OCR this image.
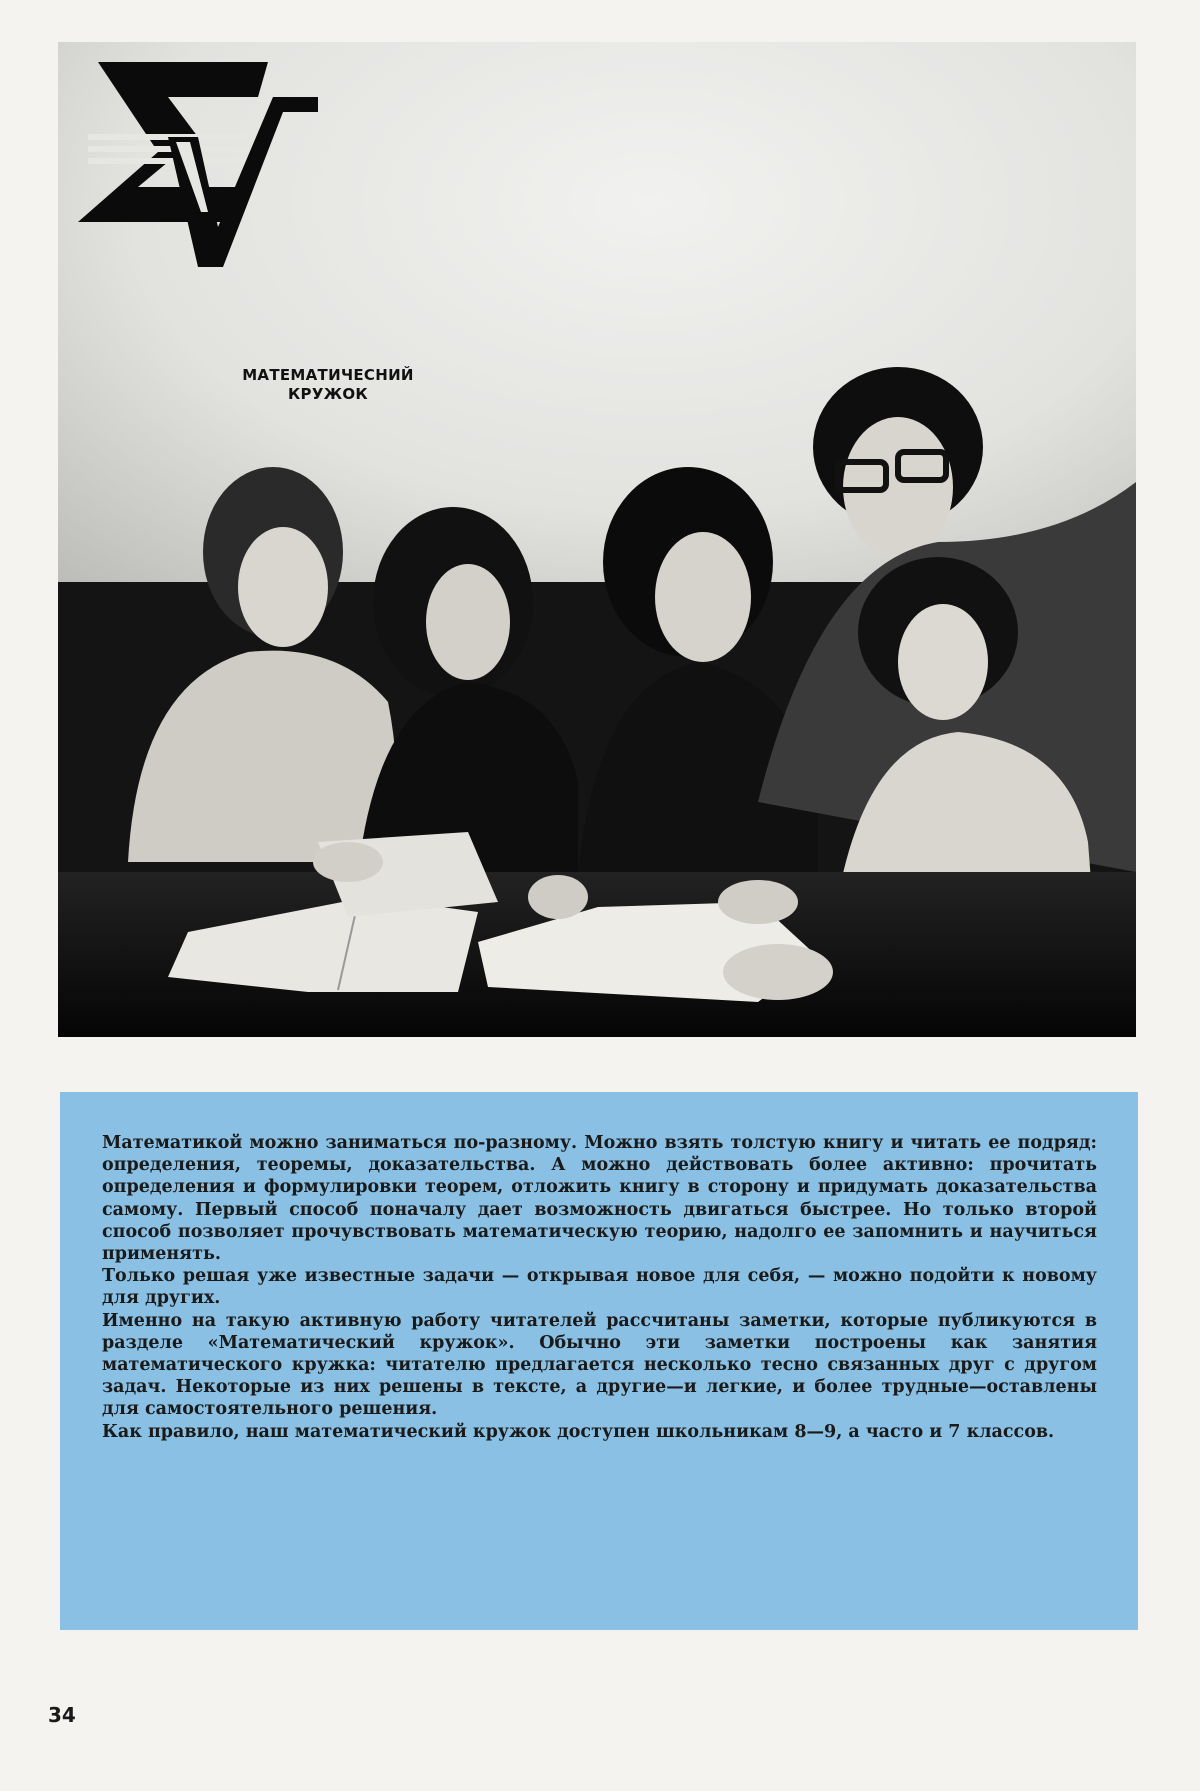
МАТЕМАТИЧЕСНИЙ
КРУЖОК

Математикой можно заниматься по-разному. Можно взять толстую книгу и читать ее подряд: определения, теоремы, доказательства. А можно действовать более активно: прочитать определения и формулировки теорем, отложить книгу в сторону и придумать доказательства самому. Первый способ поначалу дает возможность двигаться быстрее. Но только второй способ позволяет прочувствовать математическую теорию, надолго ее запомнить и научиться применять.

Только решая уже известные задачи — открывая новое для себя, — можно подойти к новому для других.

Именно на такую активную работу читателей рассчитаны заметки, которые публикуются в разделе «Математический кружок». Обычно эти заметки построены как занятия математического кружка: читателю предлагается несколько тесно связанных друг с другом задач. Некоторые из них решены в тексте, а другие—и легкие, и более трудные—оставлены для самостоятельного решения.

Как правило, наш математический кружок доступен школьникам 8—9, а часто и 7 классов.

34
